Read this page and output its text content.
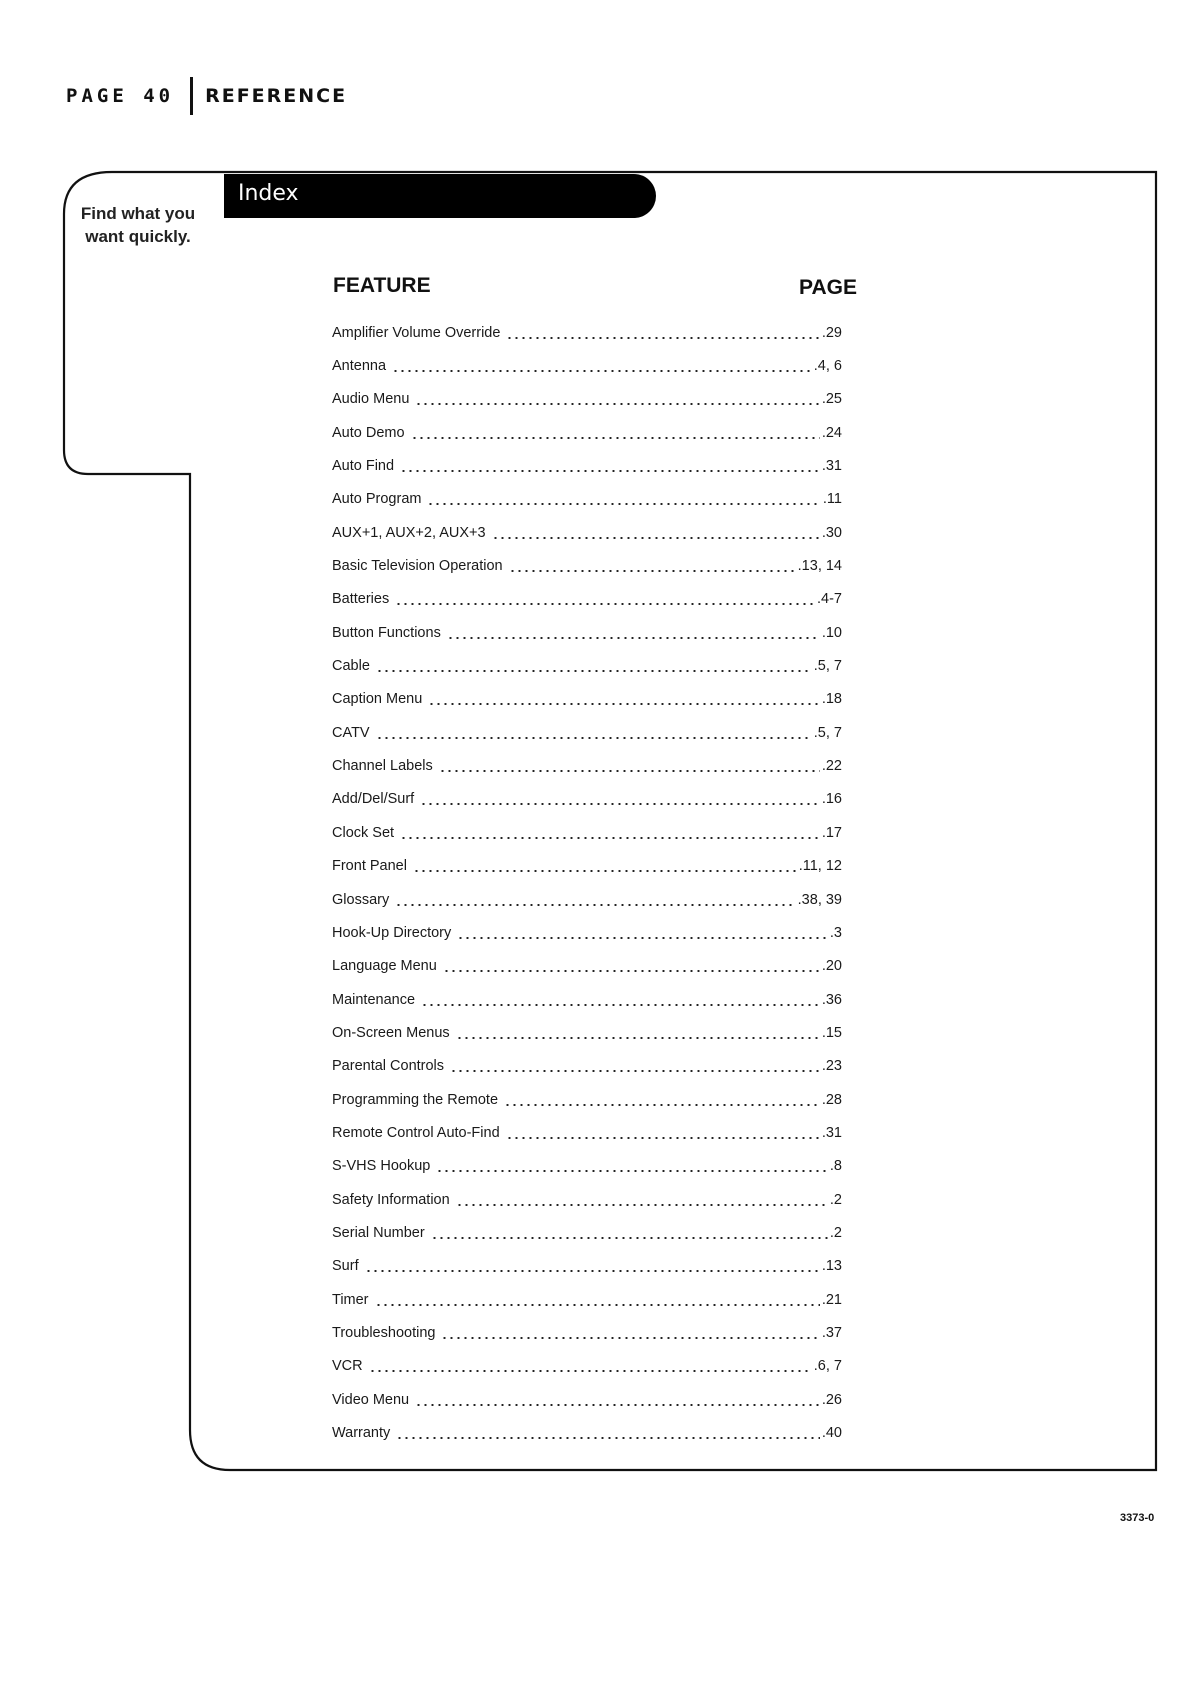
PAGE 40 REFERENCE
Find what you want quickly.
Index
FEATURE	PAGE
Amplifier Volume Override	.29
Antenna	.4, 6
Audio Menu	.25
Auto Demo	.24
Auto Find	.31
Auto Program	.11
AUX+1, AUX+2, AUX+3	.30
Basic Television Operation	.13, 14
Batteries	.4-7
Button Functions	.10
Cable	.5, 7
Caption Menu	.18
CATV	.5, 7
Channel Labels	.22
Add/Del/Surf	.16
Clock Set	.17
Front Panel	.11, 12
Glossary	.38, 39
Hook-Up Directory	.3
Language Menu	.20
Maintenance	.36
On-Screen Menus	.15
Parental Controls	.23
Programming the Remote	.28
Remote Control Auto-Find	.31
S-VHS Hookup	.8
Safety Information	.2
Serial Number	.2
Surf	.13
Timer	.21
Troubleshooting	.37
VCR	.6, 7
Video Menu	.26
Warranty	.40
3373-0
